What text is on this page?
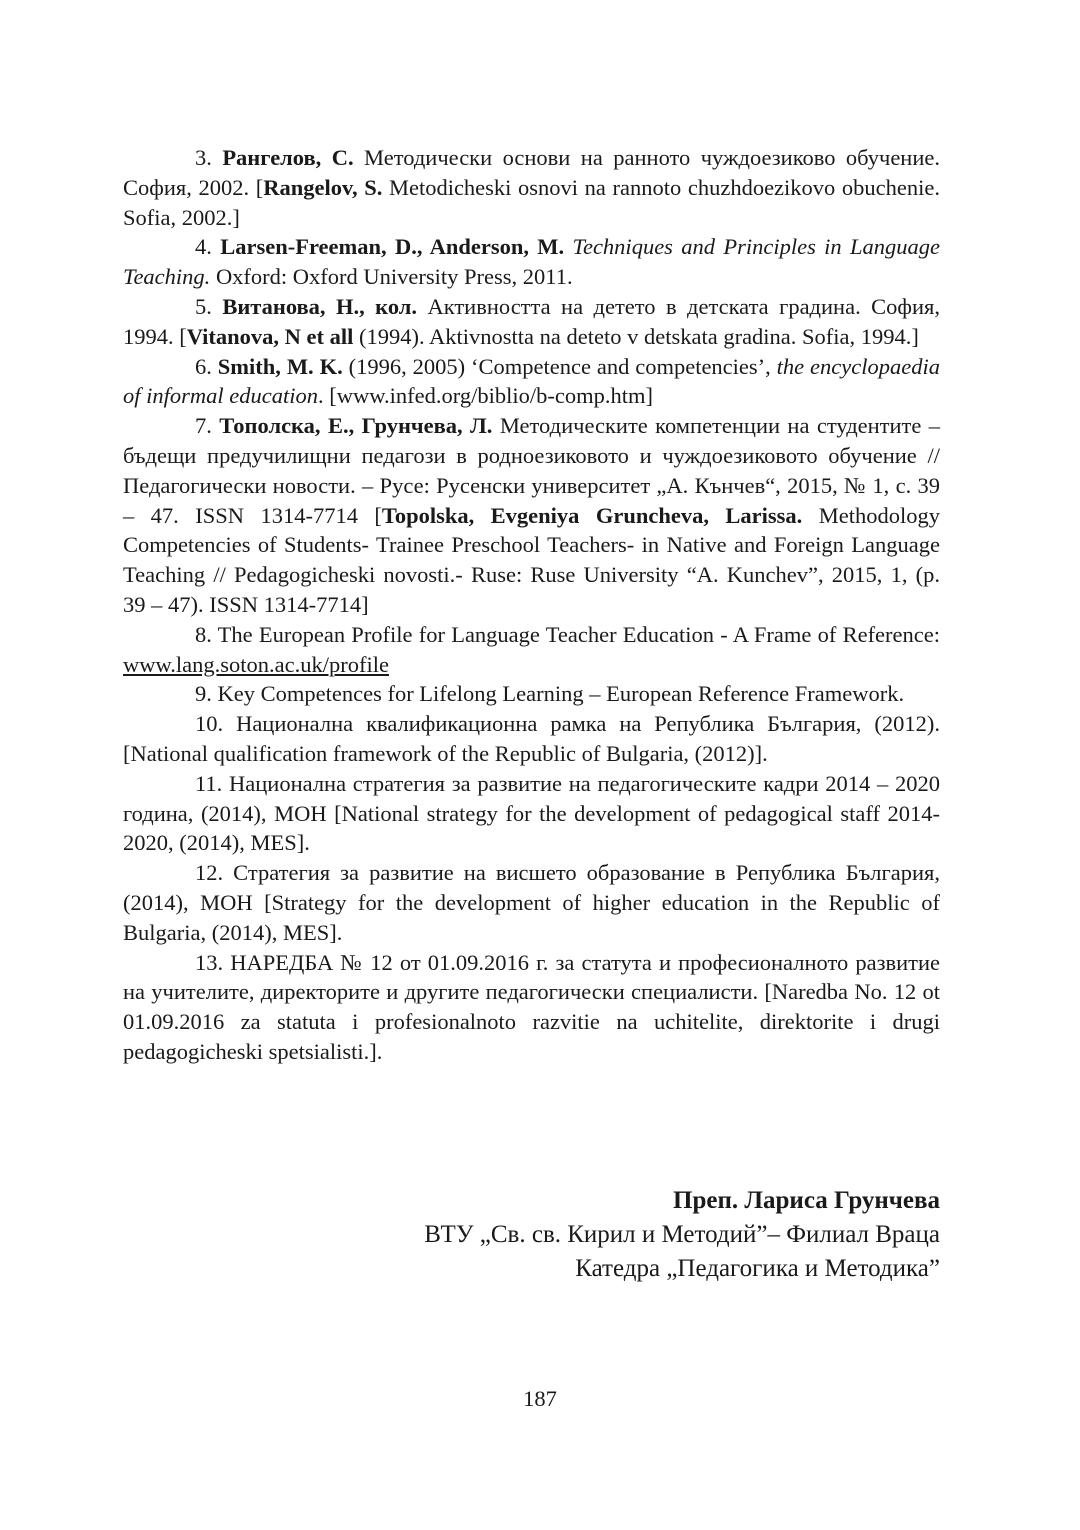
3. Рангелов, С. Методически основи на ранното чуждоезиково обучение. София, 2002. [Rangelov, S. Metodicheski osnovi na rannoto chuzhdoezikovo obuchenie. Sofia, 2002.]

4. Larsen-Freeman, D., Anderson, M. Techniques and Principles in Language Teaching. Oxford: Oxford University Press, 2011.

5. Витанова, Н., кол. Активността на детето в детската градина. София, 1994. [Vitanova, N et all (1994). Aktivnostta na deteto v detskata gradina. Sofia, 1994.]

6. Smith, M. K. (1996, 2005) ‘Competence and competencies’, the encyclopaedia of informal education. [www.infed.org/biblio/b-comp.htm]

7. Тополска, Е., Грунчева, Л. Методическите компетенции на студентите – бъдещи предучилищни педагози в родноезиковото и чуждоезиковото обучение // Педагогически новости. – Русе: Русенски университет „А. Кънчев“, 2015, № 1, с. 39 – 47. ISSN 1314-7714 [Topolska, Evgeniya Gruncheva, Larissa. Methodology Competencies of Students- Trainee Preschool Teachers- in Native and Foreign Language Teaching // Pedagogicheski novosti.- Ruse: Ruse University “A. Kunchev”, 2015, 1, (p. 39 – 47). ISSN 1314-7714]

8. The European Profile for Language Teacher Education - A Frame of Reference: www.lang.soton.ac.uk/profile

9. Key Competences for Lifelong Learning – European Reference Framework.

10. Национална квалификационна рамка на Република България, (2012). [National qualification framework of the Republic of Bulgaria, (2012)].

11. Национална стратегия за развитие на педагогическите кадри 2014 – 2020 година, (2014), МОН [National strategy for the development of pedagogical staff 2014-2020, (2014), MES].

12. Стратегия за развитие на висшето образование в Република България, (2014), МОН [Strategy for the development of higher education in the Republic of Bulgaria, (2014), MES].

13. НАРЕДБА № 12 от 01.09.2016 г. за статута и професионалното развитие на учителите, директорите и другите педагогически специалисти. [Naredba No. 12 ot 01.09.2016 za statuta i profesionalnoto razvitie na uchitelite, direktorite i drugi pedagogicheski spetsialisti.].

Преп. Лариса Грунчева
ВТУ „Св. св. Кирил и Методий”– Филиал Враца
Катедра „Педагогика и Методика”
187
